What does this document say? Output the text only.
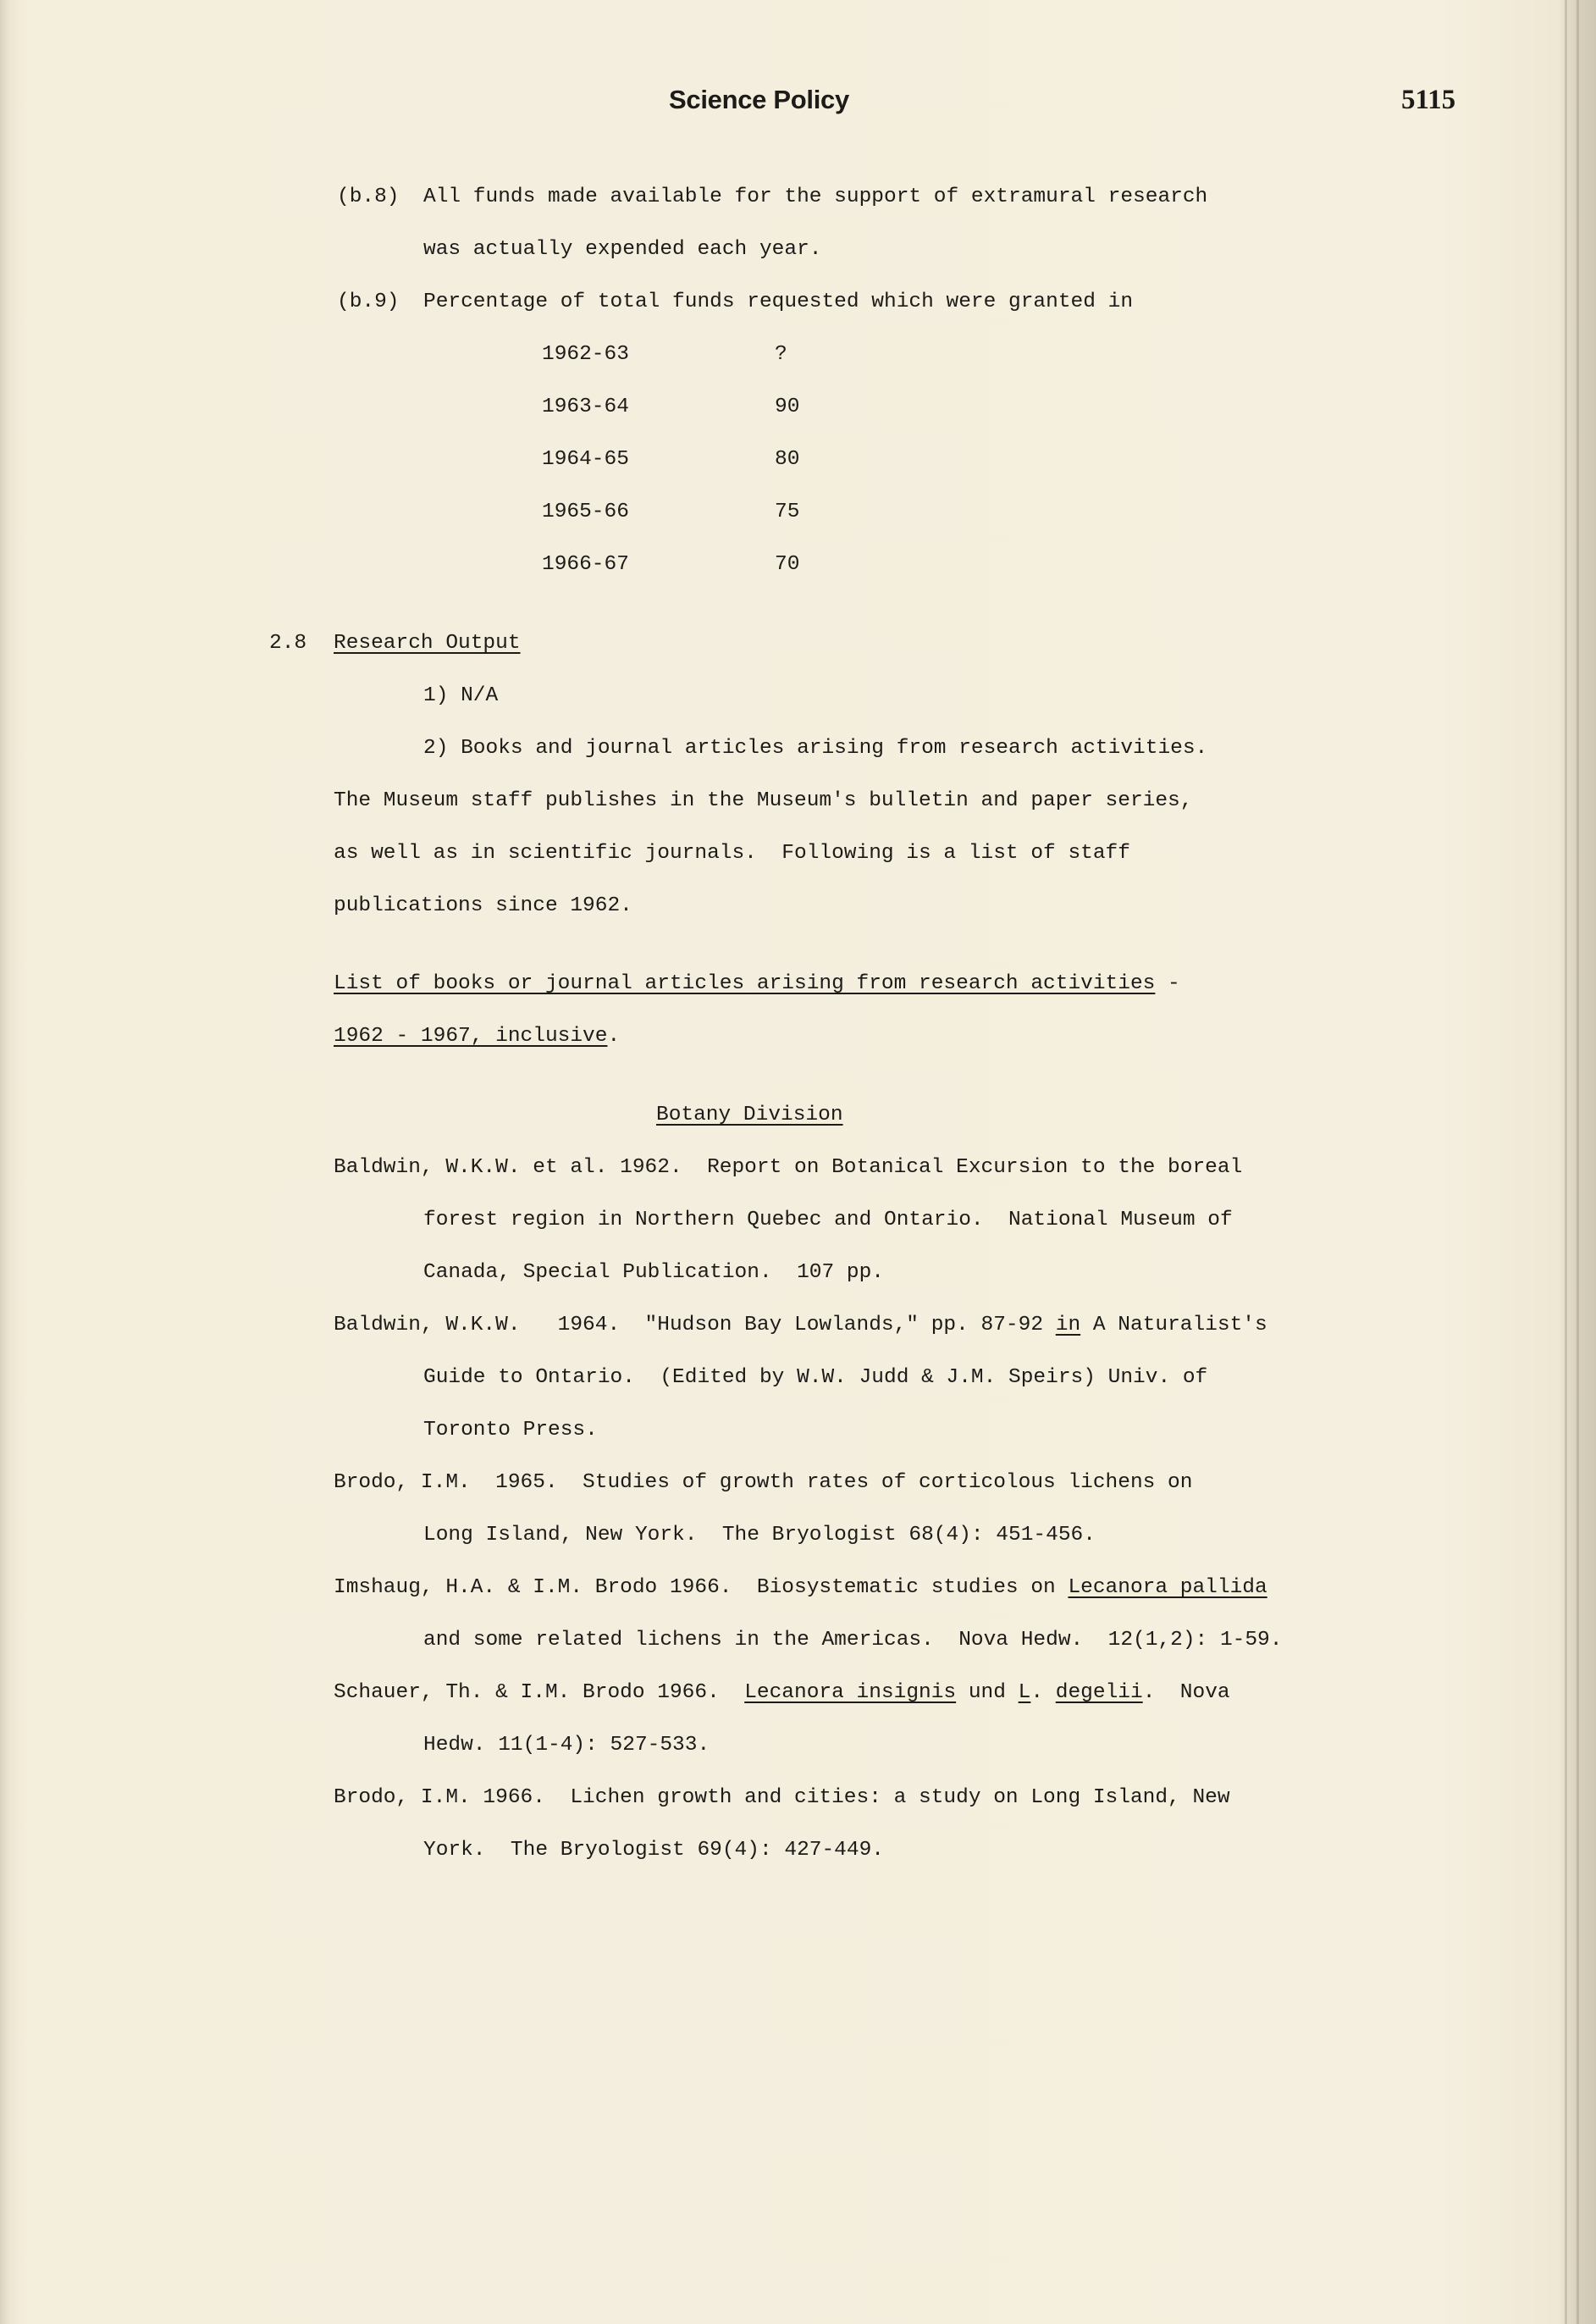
Science Policy	5115
(b.8) All funds made available for the support of extramural research
was actually expended each year.
(b.9) Percentage of total funds requested which were granted in
1962-63	?
1963-64	90
1964-65	80
1965-66	75
1966-67	70
2.8 Research Output
1) N/A
2) Books and journal articles arising from research activities.
The Museum staff publishes in the Museum's bulletin and paper series,
as well as in scientific journals.  Following is a list of staff
publications since 1962.
List of books or journal articles arising from research activities -
1962 - 1967, inclusive.
Botany Division
Baldwin, W.K.W. et al. 1962.  Report on Botanical Excursion to the boreal
forest region in Northern Quebec and Ontario.  National Museum of
Canada, Special Publication.  107 pp.
Baldwin, W.K.W.   1964.  "Hudson Bay Lowlands," pp. 87-92 in A Naturalist's
Guide to Ontario.  (Edited by W.W. Judd & J.M. Speirs) Univ. of
Toronto Press.
Brodo, I.M.  1965.  Studies of growth rates of corticolous lichens on
Long Island, New York.  The Bryologist 68(4): 451-456.
Imshaug, H.A. & I.M. Brodo 1966.  Biosystematic studies on Lecanora pallida
and some related lichens in the Americas.  Nova Hedw.  12(1,2): 1-59.
Schauer, Th. & I.M. Brodo 1966.  Lecanora insignis und L. degelii.  Nova
Hedw. 11(1-4): 527-533.
Brodo, I.M. 1966.  Lichen growth and cities: a study on Long Island, New
York.  The Bryologist 69(4): 427-449.
